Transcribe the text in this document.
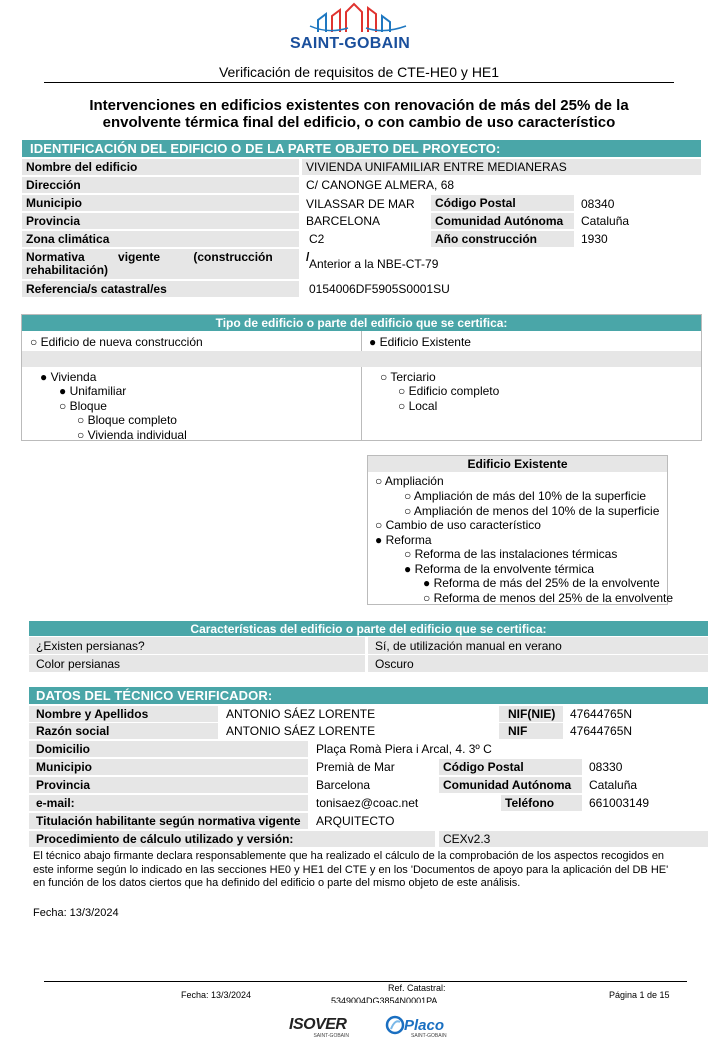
SAINT-GOBAIN
Verificación de requisitos de CTE-HE0 y HE1
Intervenciones en edificios existentes con renovación de más del 25% de la
envolvente térmica final del edificio, o con cambio de uso característico
IDENTIFICACIÓN DEL EDIFICIO O DE LA PARTE OBJETO DEL PROYECTO:
Nombre del edificio	VIVIENDA UNIFAMILIAR ENTRE MEDIANERAS
Dirección	C/ CANONGE ALMERA, 68
Municipio	VILASSAR DE MAR	Código Postal	08340
Provincia	BARCELONA	Comunidad Autónoma	Cataluña
Zona climática	C2	Año construcción	1930
Normativa          vigente          (construcción          /
rehabilitación)	Anterior a la NBE-CT-79
Referencia/s catastral/es	0154006DF5905S0001SU
Tipo de edificio o parte del edificio que se certifica:
○ Edificio de nueva construcción	● Edificio Existente
● Vivienda
● Unifamiliar
○ Bloque
○ Bloque completo
○ Vivienda individual
○ Terciario
○ Edificio completo
○ Local
Edificio Existente
○ Ampliación
○ Ampliación de más del 10% de la superficie
○ Ampliación de menos del 10% de la superficie
○ Cambio de uso característico
● Reforma
○ Reforma de las instalaciones térmicas
● Reforma de la envolvente térmica
● Reforma de más del 25% de la envolvente
○ Reforma de menos del 25% de la envolvente
Características del edificio o parte del edificio que se certifica:
¿Existen persianas?	Sí, de utilización manual en verano
Color persianas	Oscuro
DATOS DEL TÉCNICO VERIFICADOR:
Nombre y Apellidos	ANTONIO SÁEZ LORENTE	NIF(NIE)	47644765N
Razón social	ANTONIO SÁEZ LORENTE	NIF	47644765N
Domicilio	Plaça Romà Piera i Arcal, 4. 3º C
Municipio	Premià de Mar	Código Postal	08330
Provincia	Barcelona	Comunidad Autónoma	Cataluña
e-mail:	tonisaez@coac.net	Teléfono	661003149
Titulación habilitante según normativa vigente	ARQUITECTO
Procedimiento de cálculo utilizado y versión:	CEXv2.3
El técnico abajo firmante declara responsablemente que ha realizado el cálculo de la comprobación de los aspectos recogidos en
este informe según lo indicado en las secciones HE0 y HE1 del CTE y en los 'Documentos de apoyo para la aplicación del DB HE'
en función de los datos ciertos que ha definido del edificio o parte del mismo objeto de este análisis.
Fecha: 13/3/2024
Fecha: 13/3/2024
Ref. Catastral:
5349004DG3854N0001PA
Página 1 de 15
ISOVER
SAINT-GOBAIN
Placo
SAINT-GOBAIN
